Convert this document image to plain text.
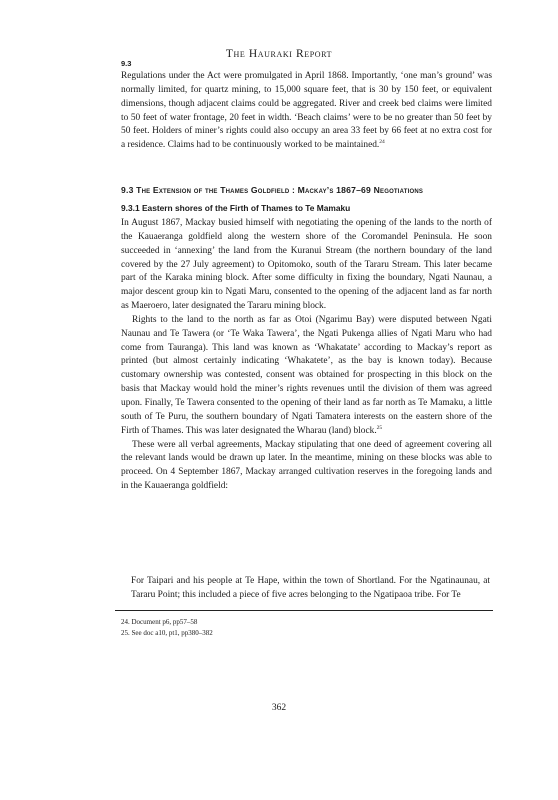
The Hauraki Report
9.3

Regulations under the Act were promulgated in April 1868. Importantly, ‘one man’s ground’ was normally limited, for quartz mining, to 15,000 square feet, that is 30 by 150 feet, or equivalent dimensions, though adjacent claims could be aggregated. River and creek bed claims were limited to 50 feet of water frontage, 20 feet in width. ‘Beach claims’ were to be no greater than 50 feet by 50 feet. Holders of miner’s rights could also occupy an area 33 feet by 66 feet at no extra cost for a residence. Claims had to be continuously worked to be maintained.$^{24}$

9.3 The Extension of the Thames Goldfield : Mackay’s 1867–69 Negotiations
9.3.1 Eastern shores of the Firth of Thames to Te Mamaku

In August 1867, Mackay busied himself with negotiating the opening of the lands to the north of the Kauaeranga goldfield along the western shore of the Coromandel Peninsula. He soon succeeded in ‘annexing’ the land from the Kuranui Stream (the northern boundary of the land covered by the 27 July agreement) to Opitomoko, south of the Tararu Stream. This later became part of the Karaka mining block. After some difficulty in fixing the boundary, Ngati Naunau, a major descent group kin to Ngati Maru, consented to the opening of the adjacent land as far north as Maeroero, later designated the Tararu mining block.

Rights to the land to the north as far as Otoi (Ngarimu Bay) were disputed between Ngati Naunau and Te Tawera (or ‘Te Waka Tawera’, the Ngati Pukenga allies of Ngati Maru who had come from Tauranga). This land was known as ‘Whakatate’ according to Mackay’s report as printed (but almost certainly indicating ‘Whakatete’, as the bay is known today). Because customary ownership was contested, consent was obtained for prospecting in this block on the basis that Mackay would hold the miner’s rights revenues until the division of them was agreed upon. Finally, Te Tawera consented to the opening of their land as far north as Te Mamaku, a little south of Te Puru, the southern boundary of Ngati Tamatera interests on the eastern shore of the Firth of Thames. This was later designated the Wharau (land) block.$^{25}$

These were all verbal agreements, Mackay stipulating that one deed of agreement covering all the relevant lands would be drawn up later. In the meantime, mining on these blocks was able to proceed. On 4 September 1867, Mackay arranged cultivation reserves in the foregoing lands and in the Kauaeranga goldfield:

For Taipari and his people at Te Hape, within the town of Shortland. For the Ngatinaunau, at Tararu Point; this included a piece of five acres belonging to the Ngatipaoa tribe. For Te

24. Document p6, pp57–58
25. See doc a10, pt1, pp380–382
362
